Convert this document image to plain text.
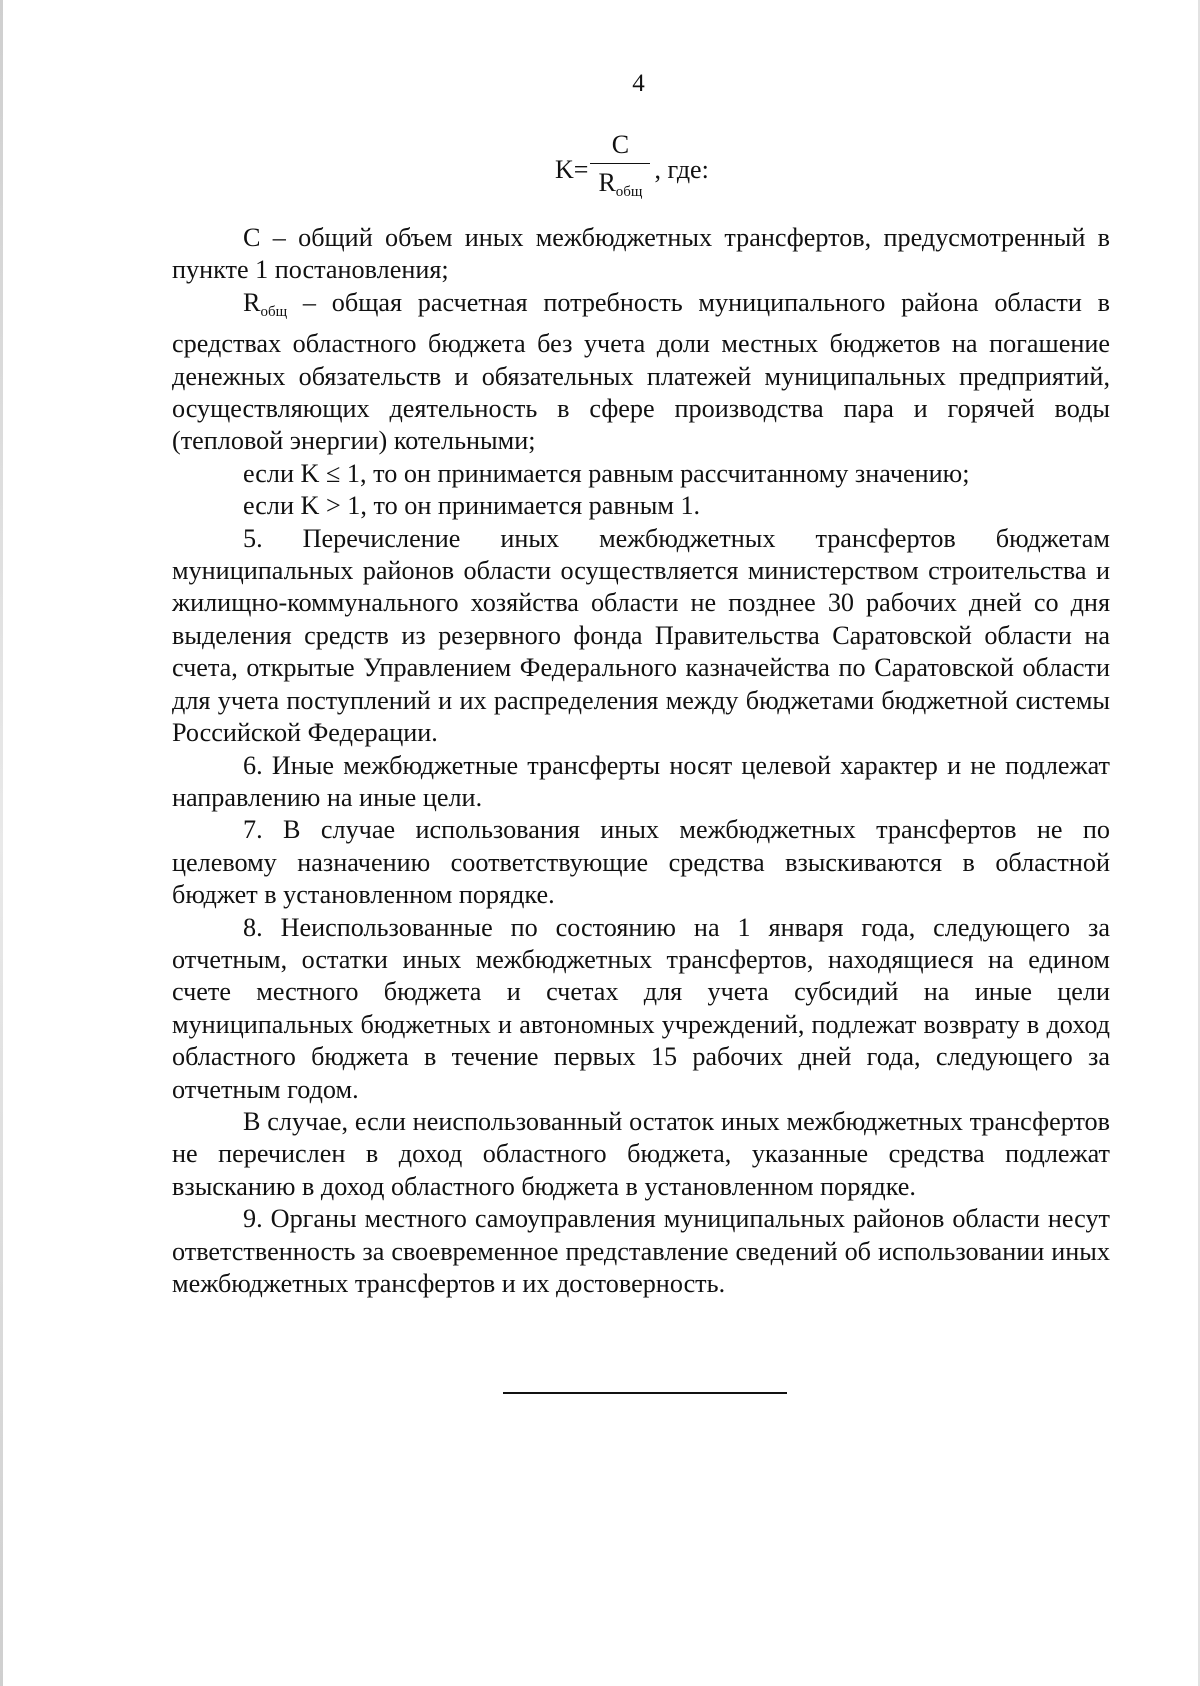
4
$K= \frac{C}{R_{общ}}$ , где:

C – общий объем иных межбюджетных трансфертов, предусмотренный в пункте 1 постановления;

$R_{общ}$ – общая расчетная потребность муниципального района области в средствах областного бюджета без учета доли местных бюджетов на погашение денежных обязательств и обязательных платежей муниципальных предприятий, осуществляющих деятельность в сфере производства пара и горячей воды (тепловой энергии) котельными;

если K ≤ 1, то он принимается равным рассчитанному значению;

если K > 1, то он принимается равным 1.

5. Перечисление иных межбюджетных трансфертов бюджетам муниципальных районов области осуществляется министерством строительства и жилищно-коммунального хозяйства области не позднее 30 рабочих дней со дня выделения средств из резервного фонда Правительства Саратовской области на счета, открытые Управлением Федерального казначейства по Саратовской области для учета поступлений и их распределения между бюджетами бюджетной системы Российской Федерации.

6. Иные межбюджетные трансферты носят целевой характер и не подлежат направлению на иные цели.

7. В случае использования иных межбюджетных трансфертов не по целевому назначению соответствующие средства взыскиваются в областной бюджет в установленном порядке.

8. Неиспользованные по состоянию на 1 января года, следующего за отчетным, остатки иных межбюджетных трансфертов, находящиеся на едином счете местного бюджета и счетах для учета субсидий на иные цели муниципальных бюджетных и автономных учреждений, подлежат возврату в доход областного бюджета в течение первых 15 рабочих дней года, следующего за отчетным годом.

В случае, если неиспользованный остаток иных межбюджетных трансфертов не перечислен в доход областного бюджета, указанные средства подлежат взысканию в доход областного бюджета в установленном порядке.

9. Органы местного самоуправления муниципальных районов области несут ответственность за своевременное представление сведений об использовании иных межбюджетных трансфертов и их достоверность.
